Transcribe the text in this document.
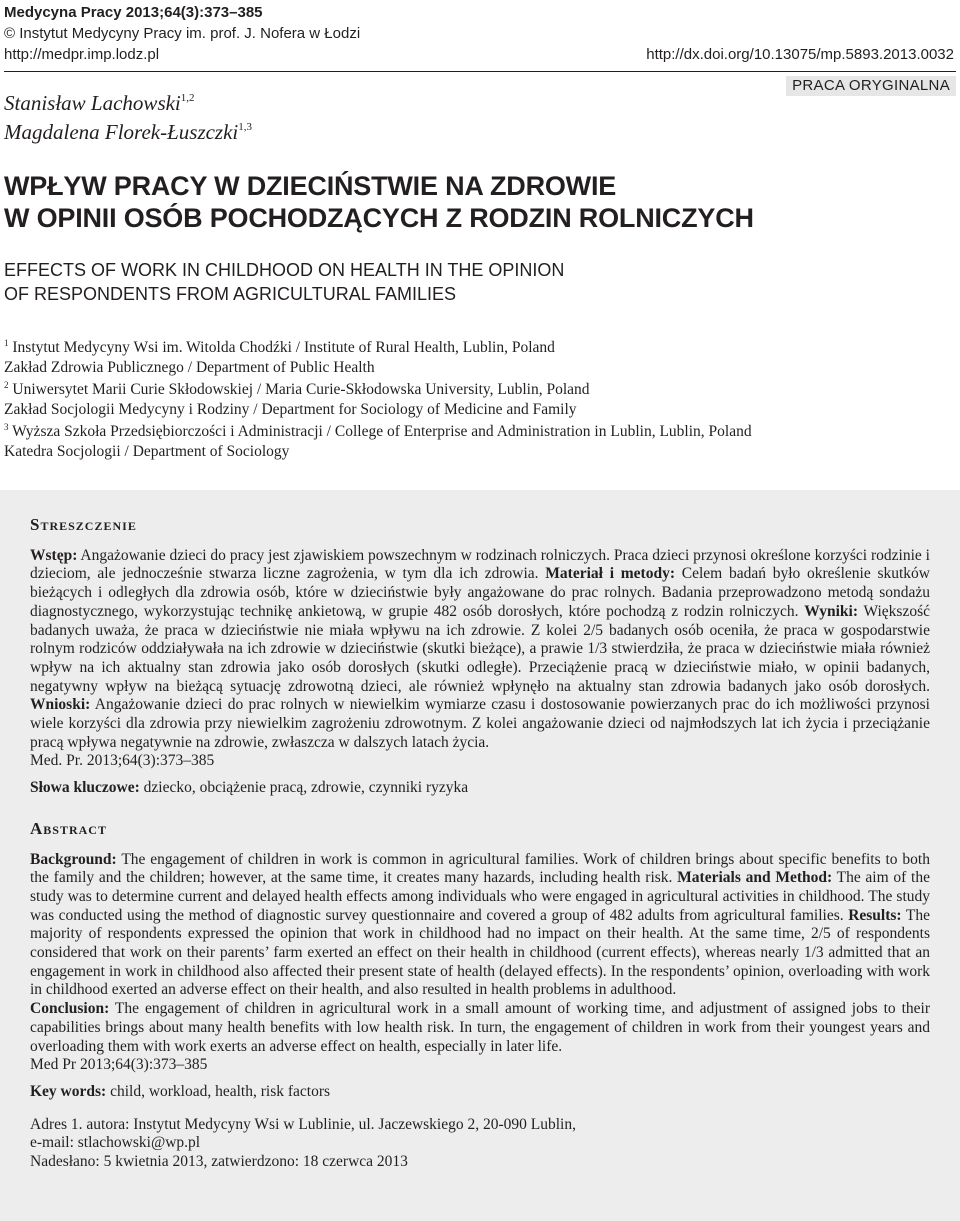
Medycyna Pracy 2013;64(3):373–385
© Instytut Medycyny Pracy im. prof. J. Nofera w Łodzi
http://medpr.imp.lodz.pl	http://dx.doi.org/10.13075/mp.5893.2013.0032
PRACA ORYGINALNA
Stanisław Lachowski$^{1,2}$
Magdalena Florek-Łuszczki$^{1,3}$
WPŁYW PRACY W DZIECIŃSTWIE NA ZDROWIE
W OPINII OSÓB POCHODZĄCYCH Z RODZIN ROLNICZYCH
EFFECTS OF WORK IN CHILDHOOD ON HEALTH IN THE OPINION
OF RESPONDENTS FROM AGRICULTURAL FAMILIES
$^1$ Instytut Medycyny Wsi im. Witolda Chodźki / Institute of Rural Health, Lublin, Poland
Zakład Zdrowia Publicznego / Department of Public Health
$^2$ Uniwersytet Marii Curie Skłodowskiej / Maria Curie-Skłodowska University, Lublin, Poland
Zakład Socjologii Medycyny i Rodziny / Department for Sociology of Medicine and Family
$^3$ Wyższa Szkoła Przedsiębiorczości i Administracji / College of Enterprise and Administration in Lublin, Lublin, Poland
Katedra Socjologii / Department of Sociology
Streszczenie

Wstęp: Angażowanie dzieci do pracy jest zjawiskiem powszechnym w rodzinach rolniczych. Praca dzieci przynosi określone korzyści rodzinie i dzieciom, ale jednocześnie stwarza liczne zagrożenia, w tym dla ich zdrowia. Materiał i metody: Celem badań było określenie skutków bieżących i odległych dla zdrowia osób, które w dzieciństwie były angażowane do prac rolnych. Badania przeprowadzono metodą sondażu diagnostycznego, wykorzystując technikę ankietową, w grupie 482 osób dorosłych, które pochodzą z rodzin rolniczych. Wyniki: Większość badanych uważa, że praca w dzieciństwie nie miała wpływu na ich zdrowie. Z kolei 2/5 badanych osób oceniła, że praca w gospodarstwie rolnym rodziców oddziaływała na ich zdrowie w dzieciństwie (skutki bieżące), a prawie 1/3 stwierdziła, że praca w dzieciństwie miała również wpływ na ich aktualny stan zdrowia jako osób dorosłych (skutki odległe). Przeciążenie pracą w dzieciństwie miało, w opinii badanych, negatywny wpływ na bieżącą sytuację zdrowotną dzieci, ale również wpłynęło na aktualny stan zdrowia badanych jako osób dorosłych. Wnioski: Angażowanie dzieci do prac rolnych w niewielkim wymiarze czasu i dostosowanie powierzanych prac do ich możliwości przynosi wiele korzyści dla zdrowia przy niewielkim zagrożeniu zdrowotnym. Z kolei angażowanie dzieci od najmłodszych lat ich życia i przeciążanie pracą wpływa negatywnie na zdrowie, zwłaszcza w dalszych latach życia.

Med. Pr. 2013;64(3):373–385
Słowa kluczowe: dziecko, obciążenie pracą, zdrowie, czynniki ryzyka
Abstract

Background: The engagement of children in work is common in agricultural families. Work of children brings about specific benefits to both the family and the children; however, at the same time, it creates many hazards, including health risk. Materials and Method: The aim of the study was to determine current and delayed health effects among individuals who were engaged in agricultural activities in childhood. The study was conducted using the method of diagnostic survey questionnaire and covered a group of 482 adults from agricultural families. Results: The majority of respondents expressed the opinion that work in childhood had no impact on their health. At the same time, 2/5 of respondents considered that work on their parents’ farm exerted an effect on their health in childhood (current effects), whereas nearly 1/3 admitted that an engagement in work in childhood also affected their present state of health (delayed effects). In the respondents’ opinion, overloading with work in childhood exerted an adverse effect on their health, and also resulted in health problems in adulthood.

Conclusion: The engagement of children in agricultural work in a small amount of working time, and adjustment of assigned jobs to their capabilities brings about many health benefits with low health risk. In turn, the engagement of children in work from their youngest years and overloading them with work exerts an adverse effect on health, especially in later life.

Med Pr 2013;64(3):373–385
Key words: child, workload, health, risk factors
Adres 1. autora: Instytut Medycyny Wsi w Lublinie, ul. Jaczewskiego 2, 20-090 Lublin,
e-mail: stlachowski@wp.pl
Nadesłano: 5 kwietnia 2013, zatwierdzono: 18 czerwca 2013
